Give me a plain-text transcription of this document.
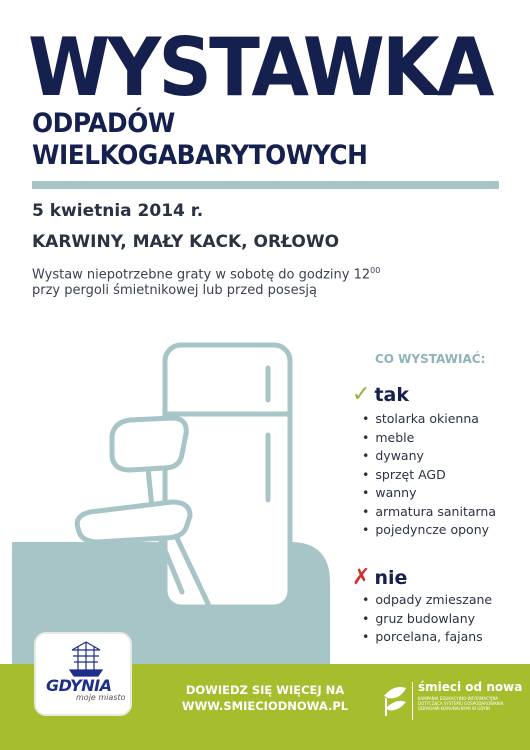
WYSTAWKA
ODPADÓW
WIELKOGABARYTOWYCH
5 kwietnia 2014 r.
KARWINY, MAŁY KACK, ORŁOWO
Wystaw niepotrzebne graty w sobotę do godziny $12^{00}$
przy pergoli śmietnikowej lub przed posesją
CO WYSTAWIAĆ:
✓ tak
• stolarka okienna
• meble
• dywany
• sprzęt AGD
• wanny
• armatura sanitarna
• pojedyncze opony
✗ nie
• odpady zmieszane
• gruz budowlany
• porcelana, fajans
DOWIEDZ SIĘ WIĘCEJ NA
WWW.SMIECIODNOWA.PL
GDYNIA
moje miasto
śmieci od nowa
KAMPANIA EDUKACYJNO-INFORMACYJNA DOTYCZĄCA SYSTEMU GOSPODAROWANIA ODPADAMI KOMUNALNYMI W GDYNI
